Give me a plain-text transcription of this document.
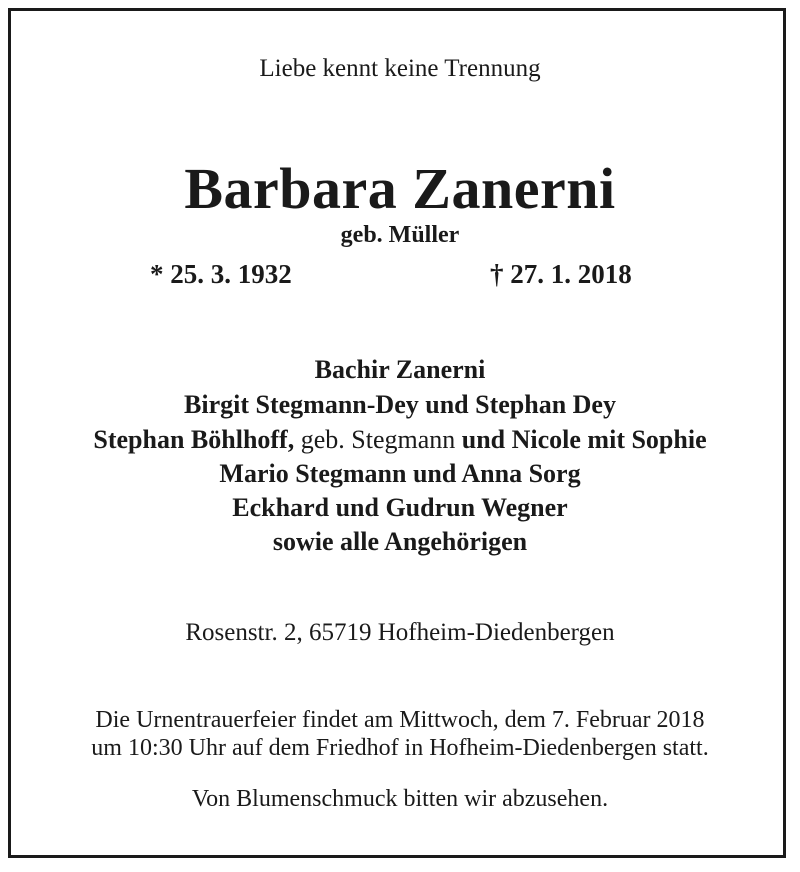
Liebe kennt keine Trennung
Barbara Zanerni
geb. Müller
* 25. 3. 1932	† 27. 1. 2018
Bachir Zanerni
Birgit Stegmann-Dey und Stephan Dey
Stephan Böhlhoff, geb. Stegmann und Nicole mit Sophie
Mario Stegmann und Anna Sorg
Eckhard und Gudrun Wegner
sowie alle Angehörigen
Rosenstr. 2, 65719 Hofheim-Diedenbergen
Die Urnentrauerfeier findet am Mittwoch, dem 7. Februar 2018
um 10:30 Uhr auf dem Friedhof in Hofheim-Diedenbergen statt.
Von Blumenschmuck bitten wir abzusehen.
